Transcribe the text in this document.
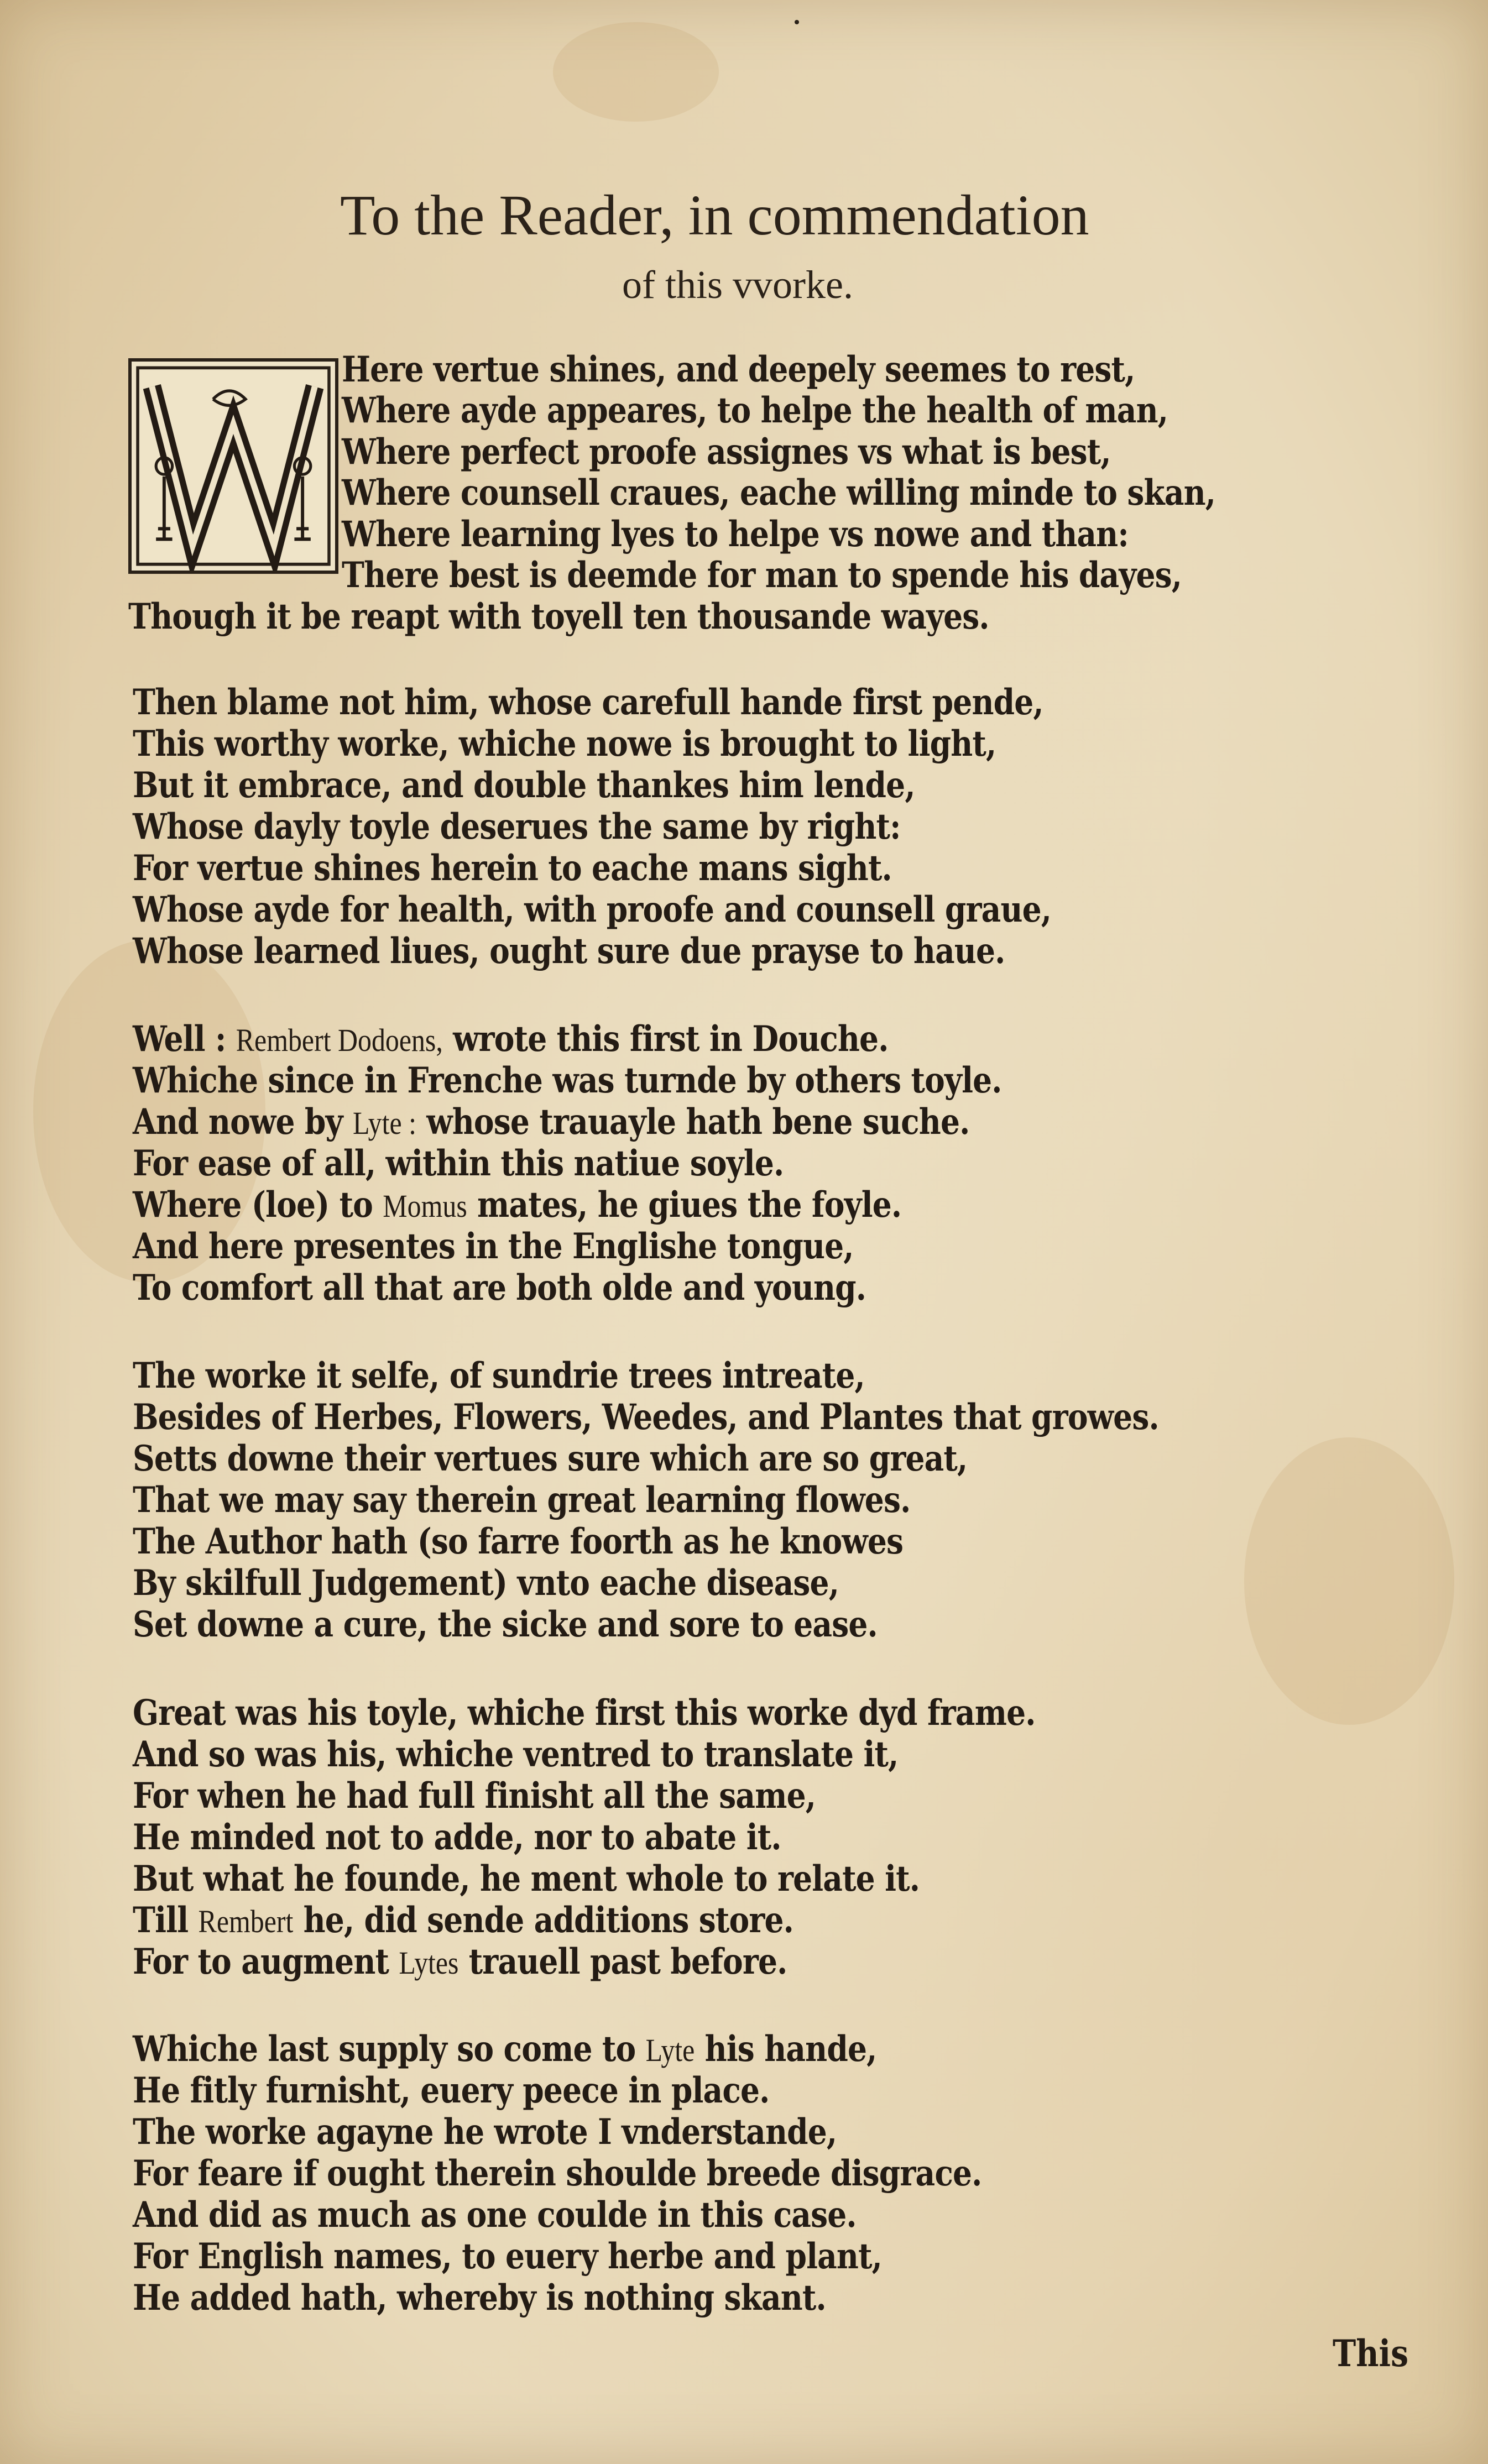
To the Reader, in commendation
of this vvorke.
Here vertue shines, and deepely seemes to rest,
Where ayde appeares, to helpe the health of man,
Where perfect proofe assignes vs what is best,
Where counsell craues, eache willing minde to skan,
Where learning lyes to helpe vs nowe and than:
There best is deemde for man to spende his dayes,
Though it be reapt with toyell ten thousande wayes.
Then blame not him, whose carefull hande first pende,
This worthy worke, whiche nowe is brought to light,
But it embrace, and double thankes him lende,
Whose dayly toyle deserues the same by right:
For vertue shines herein to eache mans sight.
Whose ayde for health, with proofe and counsell graue,
Whose learned liues, ought sure due prayse to haue.
Well : Rembert Dodoens, wrote this first in Douche.
Whiche since in Frenche was turnde by others toyle.
And nowe by Lyte : whose trauayle hath bene suche.
For ease of all, within this natiue soyle.
Where (loe) to Momus mates, he giues the foyle.
And here presentes in the Englishe tongue,
To comfort all that are both olde and young.
The worke it selfe, of sundrie trees intreate,
Besides of Herbes, Flowers, Weedes, and Plantes that growes.
Setts downe their vertues sure which are so great,
That we may say therein great learning flowes.
The Author hath (so farre foorth as he knowes
By skilfull Judgement) vnto eache disease,
Set downe a cure, the sicke and sore to ease.
Great was his toyle, whiche first this worke dyd frame.
And so was his, whiche ventred to translate it,
For when he had full finisht all the same,
He minded not to adde, nor to abate it.
But what he founde, he ment whole to relate it.
Till Rembert he, did sende additions store.
For to augment Lytes trauell past before.
Whiche last supply so come to Lyte his hande,
He fitly furnisht, euery peece in place.
The worke agayne he wrote I vnderstande,
For feare if ought therein shoulde breede disgrace.
And did as much as one coulde in this case.
For English names, to euery herbe and plant,
He added hath, whereby is nothing skant.
This
